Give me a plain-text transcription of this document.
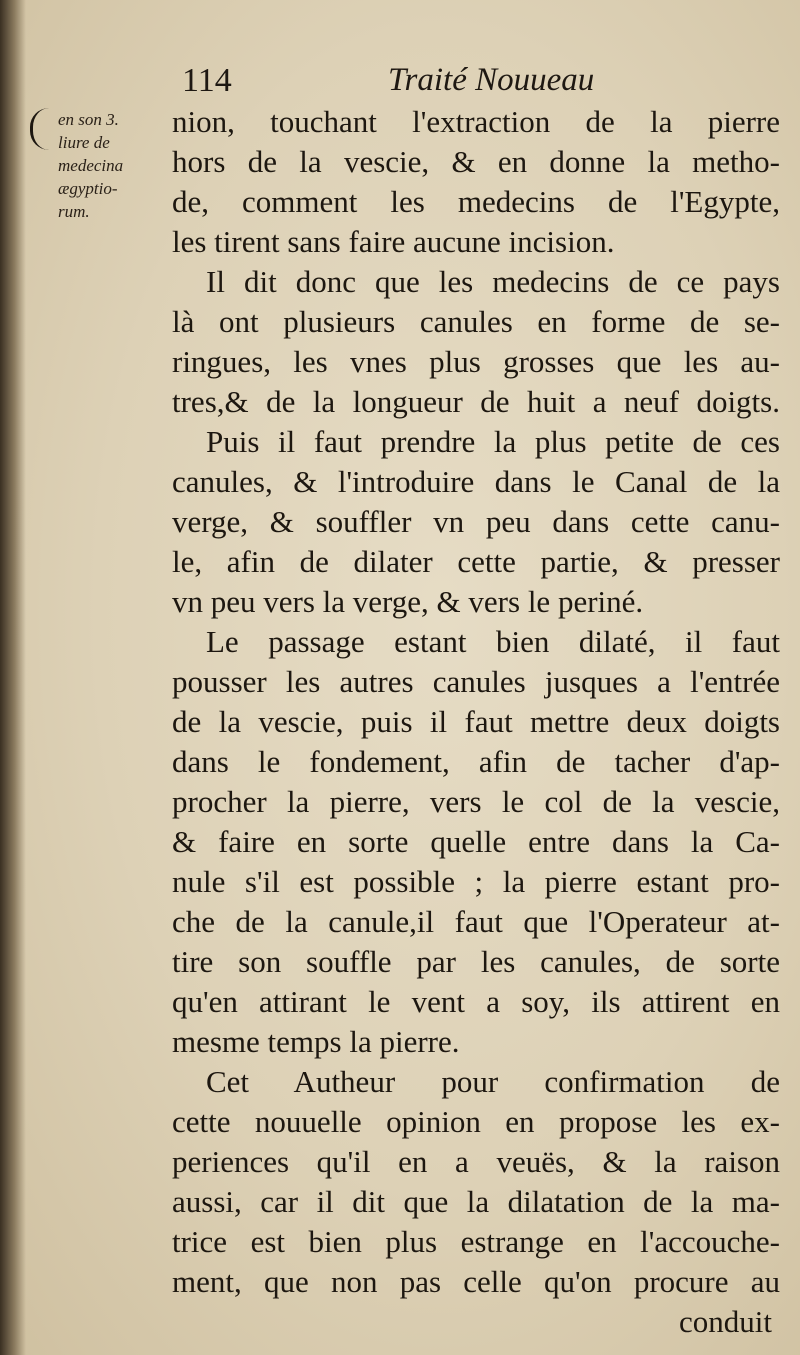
114	Traité Nouueau
en son 3.
liure de
medecina
ægyptio-
rum.
nion, touchant l'extraction de la pierre
hors de la vescie, & en donne la metho-
de, comment les medecins de l'Egypte,
les tirent sans faire aucune incision.
Il dit donc que les medecins de ce pays
là ont plusieurs canules en forme de se-
ringues, les vnes plus grosses que les au-
tres,& de la longueur de huit a neuf doigts.
Puis il faut prendre la plus petite de ces
canules, & l'introduire dans le Canal de la
verge, & souffler vn peu dans cette canu-
le, afin de dilater cette partie, & presser
vn peu vers la verge, & vers le periné.
Le passage estant bien dilaté, il faut
pousser les autres canules jusques a l'entrée
de la vescie, puis il faut mettre deux doigts
dans le fondement, afin de tacher d'ap-
procher la pierre, vers le col de la vescie,
& faire en sorte quelle entre dans la Ca-
nule s'il est possible ; la pierre estant pro-
che de la canule,il faut que l'Operateur at-
tire son souffle par les canules, de sorte
qu'en attirant le vent a soy, ils attirent en
mesme temps la pierre.
Cet Autheur pour confirmation de
cette nouuelle opinion en propose les ex-
periences qu'il en a veuës, & la raison
aussi, car il dit que la dilatation de la ma-
trice est bien plus estrange en l'accouche-
ment, que non pas celle qu'on procure au
conduit
